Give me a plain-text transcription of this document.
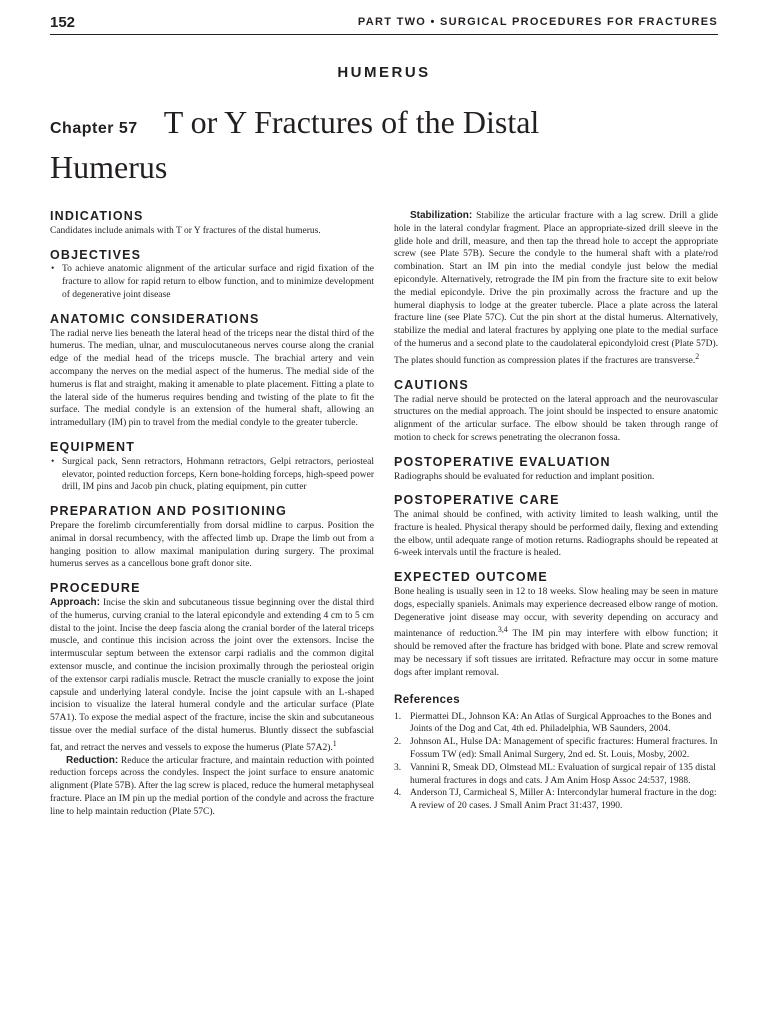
152	PART TWO • SURGICAL PROCEDURES FOR FRACTURES
HUMERUS
Chapter 57 T or Y Fractures of the Distal Humerus
INDICATIONS

Candidates include animals with T or Y fractures of the distal humerus.

OBJECTIVES
• To achieve anatomic alignment of the articular surface and rigid fixation of the fracture to allow for rapid return to elbow function, and to minimize development of degenerative joint disease
ANATOMIC CONSIDERATIONS

The radial nerve lies beneath the lateral head of the triceps near the distal third of the humerus. The median, ulnar, and musculocutaneous nerves course along the cranial edge of the medial head of the triceps muscle. The brachial artery and vein accompany the nerves on the medial aspect of the humerus. The medial side of the humerus is flat and straight, making it amenable to plate placement. Fitting a plate to the lateral side of the humerus requires bending and twisting of the plate to fit the surface. The medial condyle is an extension of the humeral shaft, allowing an intramedullary (IM) pin to travel from the medial condyle to the greater tubercle.

EQUIPMENT
• Surgical pack, Senn retractors, Hohmann retractors, Gelpi retractors, periosteal elevator, pointed reduction forceps, Kern bone-holding forceps, high-speed power drill, IM pins and Jacob pin chuck, plating equipment, pin cutter
PREPARATION AND POSITIONING

Prepare the forelimb circumferentially from dorsal midline to carpus. Position the animal in dorsal recumbency, with the affected limb up. Drape the limb out from a hanging position to allow maximal manipulation during surgery. The proximal humerus serves as a cancellous bone graft donor site.

PROCEDURE

Approach: Incise the skin and subcutaneous tissue beginning over the distal third of the humerus, curving cranial to the lateral epicondyle and extending 4 cm to 5 cm distal to the joint. Incise the deep fascia along the cranial border of the lateral triceps muscle, and continue this incision across the joint over the extensors. Incise the intermuscular septum between the extensor carpi radialis and the common digital extensor muscle, and continue the incision proximally through the periosteal origin of the extensor carpi radialis muscle. Retract the muscle cranially to expose the joint capsule and underlying lateral condyle. Incise the joint capsule with an L-shaped incision to visualize the lateral humeral condyle and the articular surface (Plate 57A1). To expose the medial aspect of the fracture, incise the skin and subcutaneous tissue over the medial surface of the distal humerus. Bluntly dissect the subfascial fat, and retract the nerves and vessels to expose the humerus (Plate 57A2).$^1$

Reduction: Reduce the articular fracture, and maintain reduction with pointed reduction forceps across the condyles. Inspect the joint surface to ensure anatomic alignment (Plate 57B). After the lag screw is placed, reduce the humeral metaphyseal fracture. Place an IM pin up the medial portion of the condyle and across the fracture line to help maintain reduction (Plate 57C).

Stabilization: Stabilize the articular fracture with a lag screw. Drill a glide hole in the lateral condylar fragment. Place an appropriate-sized drill sleeve in the glide hole and drill, measure, and then tap the thread hole to accept the appropriate screw (see Plate 57B). Secure the condyle to the humeral shaft with a plate/rod combination. Start an IM pin into the medial condyle just below the medial epicondyle. Alternatively, retrograde the IM pin from the fracture site to exit below the medial epicondyle. Drive the pin proximally across the fracture and up the humeral diaphysis to lodge at the greater tubercle. Place a plate across the lateral fracture line (see Plate 57C). Cut the pin short at the distal humerus. Alternatively, stabilize the medial and lateral fractures by applying one plate to the medial surface of the humerus and a second plate to the caudolateral epicondyloid crest (Plate 57D). The plates should function as compression plates if the fractures are transverse.$^2$

CAUTIONS

The radial nerve should be protected on the lateral approach and the neurovascular structures on the medial approach. The joint should be inspected to ensure anatomic alignment of the articular surface. The elbow should be taken through range of motion to check for screws penetrating the olecranon fossa.

POSTOPERATIVE EVALUATION

Radiographs should be evaluated for reduction and implant position.

POSTOPERATIVE CARE

The animal should be confined, with activity limited to leash walking, until the fracture is healed. Physical therapy should be performed daily, flexing and extending the elbow, until adequate range of motion returns. Radiographs should be repeated at 6-week intervals until the fracture is healed.

EXPECTED OUTCOME

Bone healing is usually seen in 12 to 18 weeks. Slow healing may be seen in mature dogs, especially spaniels. Animals may experience decreased elbow range of motion. Degenerative joint disease may occur, with severity depending on accuracy and maintenance of reduction.$^{3,4}$ The IM pin may interfere with elbow function; it should be removed after the fracture has bridged with bone. Plate and screw removal may be necessary if soft tissues are irritated. Refracture may occur in some mature dogs after implant removal.

References
1. Piermattei DL, Johnson KA: An Atlas of Surgical Approaches to the Bones and Joints of the Dog and Cat, 4th ed. Philadelphia, WB Saunders, 2004.
2. Johnson AL, Hulse DA: Management of specific fractures: Humeral fractures. In Fossum TW (ed): Small Animal Surgery, 2nd ed. St. Louis, Mosby, 2002.
3. Vannini R, Smeak DD, Olmstead ML: Evaluation of surgical repair of 135 distal humeral fractures in dogs and cats. J Am Anim Hosp Assoc 24:537, 1988.
4. Anderson TJ, Carmicheal S, Miller A: Intercondylar humeral fracture in the dog: A review of 20 cases. J Small Anim Pract 31:437, 1990.
